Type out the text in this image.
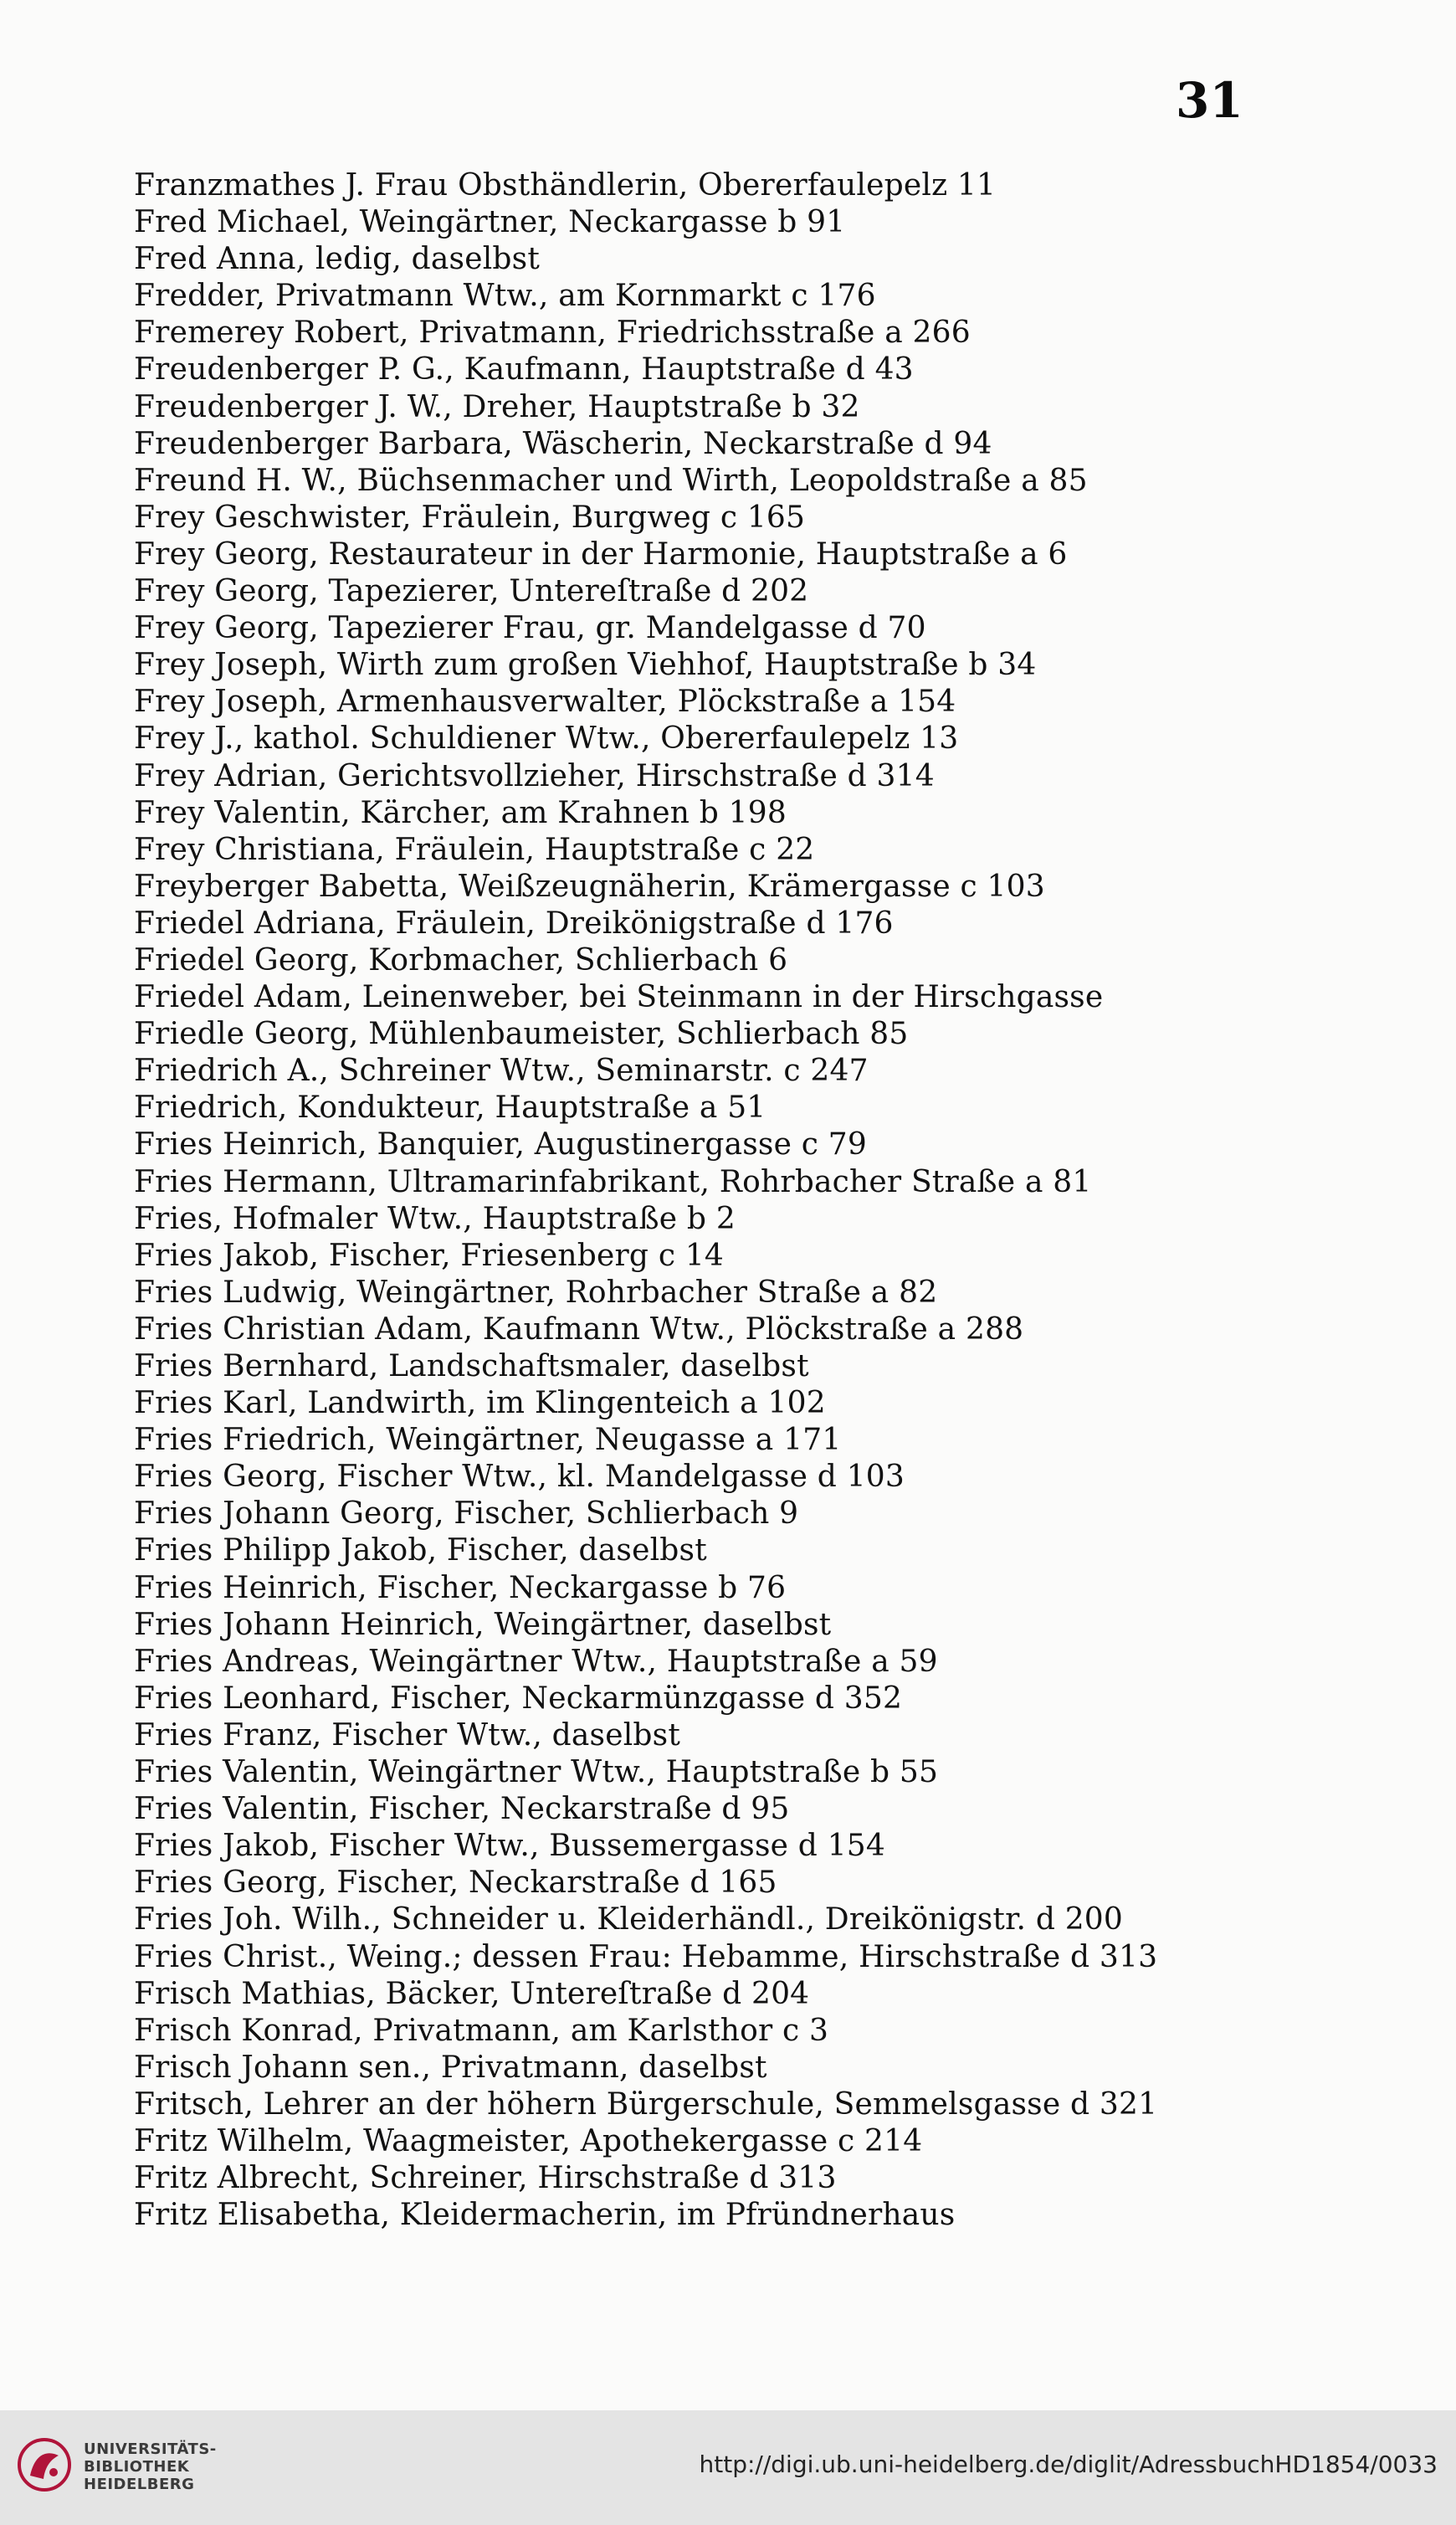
31
Franzmathes J. Frau Obsthändlerin, Obererfaulepelz 11
Fred Michael, Weingärtner, Neckargasse b 91
Fred Anna, ledig, daselbst
Fredder, Privatmann Wtw., am Kornmarkt c 176
Fremerey Robert, Privatmann, Friedrichsstraße a 266
Freudenberger P. G., Kaufmann, Hauptstraße d 43
Freudenberger J. W., Dreher, Hauptstraße b 32
Freudenberger Barbara, Wäscherin, Neckarstraße d 94
Freund H. W., Büchsenmacher und Wirth, Leopoldstraße a 85
Frey Geschwister, Fräulein, Burgweg c 165
Frey Georg, Restaurateur in der Harmonie, Hauptstraße a 6
Frey Georg, Tapezierer, Untereſtraße d 202
Frey Georg, Tapezierer Frau, gr. Mandelgasse d 70
Frey Joseph, Wirth zum großen Viehhof, Hauptstraße b 34
Frey Joseph, Armenhausverwalter, Plöckstraße a 154
Frey J., kathol. Schuldiener Wtw., Obererfaulepelz 13
Frey Adrian, Gerichtsvollzieher, Hirschstraße d 314
Frey Valentin, Kärcher, am Krahnen b 198
Frey Christiana, Fräulein, Hauptstraße c 22
Freyberger Babetta, Weißzeugnäherin, Krämergasse c 103
Friedel Adriana, Fräulein, Dreikönigstraße d 176
Friedel Georg, Korbmacher, Schlierbach 6
Friedel Adam, Leinenweber, bei Steinmann in der Hirschgasse
Friedle Georg, Mühlenbaumeister, Schlierbach 85
Friedrich A., Schreiner Wtw., Seminarstr. c 247
Friedrich, Kondukteur, Hauptstraße a 51
Fries Heinrich, Banquier, Augustinergasse c 79
Fries Hermann, Ultramarinfabrikant, Rohrbacher Straße a 81
Fries, Hofmaler Wtw., Hauptstraße b 2
Fries Jakob, Fischer, Friesenberg c 14
Fries Ludwig, Weingärtner, Rohrbacher Straße a 82
Fries Christian Adam, Kaufmann Wtw., Plöckstraße a 288
Fries Bernhard, Landschaftsmaler, daselbst
Fries Karl, Landwirth, im Klingenteich a 102
Fries Friedrich, Weingärtner, Neugasse a 171
Fries Georg, Fischer Wtw., kl. Mandelgasse d 103
Fries Johann Georg, Fischer, Schlierbach 9
Fries Philipp Jakob, Fischer, daselbst
Fries Heinrich, Fischer, Neckargasse b 76
Fries Johann Heinrich, Weingärtner, daselbst
Fries Andreas, Weingärtner Wtw., Hauptstraße a 59
Fries Leonhard, Fischer, Neckarmünzgasse d 352
Fries Franz, Fischer Wtw., daselbst
Fries Valentin, Weingärtner Wtw., Hauptstraße b 55
Fries Valentin, Fischer, Neckarstraße d 95
Fries Jakob, Fischer Wtw., Bussemergasse d 154
Fries Georg, Fischer, Neckarstraße d 165
Fries Joh. Wilh., Schneider u. Kleiderhändl., Dreikönigstr. d 200
Fries Christ., Weing.; dessen Frau: Hebamme, Hirschstraße d 313
Frisch Mathias, Bäcker, Untereſtraße d 204
Frisch Konrad, Privatmann, am Karlsthor c 3
Frisch Johann sen., Privatmann, daselbst
Fritsch, Lehrer an der höhern Bürgerschule, Semmelsgasse d 321
Fritz Wilhelm, Waagmeister, Apothekergasse c 214
Fritz Albrecht, Schreiner, Hirschstraße d 313
Fritz Elisabetha, Kleidermacherin, im Pfründnerhaus
UNIVERSITÄTS-
BIBLIOTHEK
HEIDELBERG
http://digi.ub.uni-heidelberg.de/diglit/AdressbuchHD1854/0033
